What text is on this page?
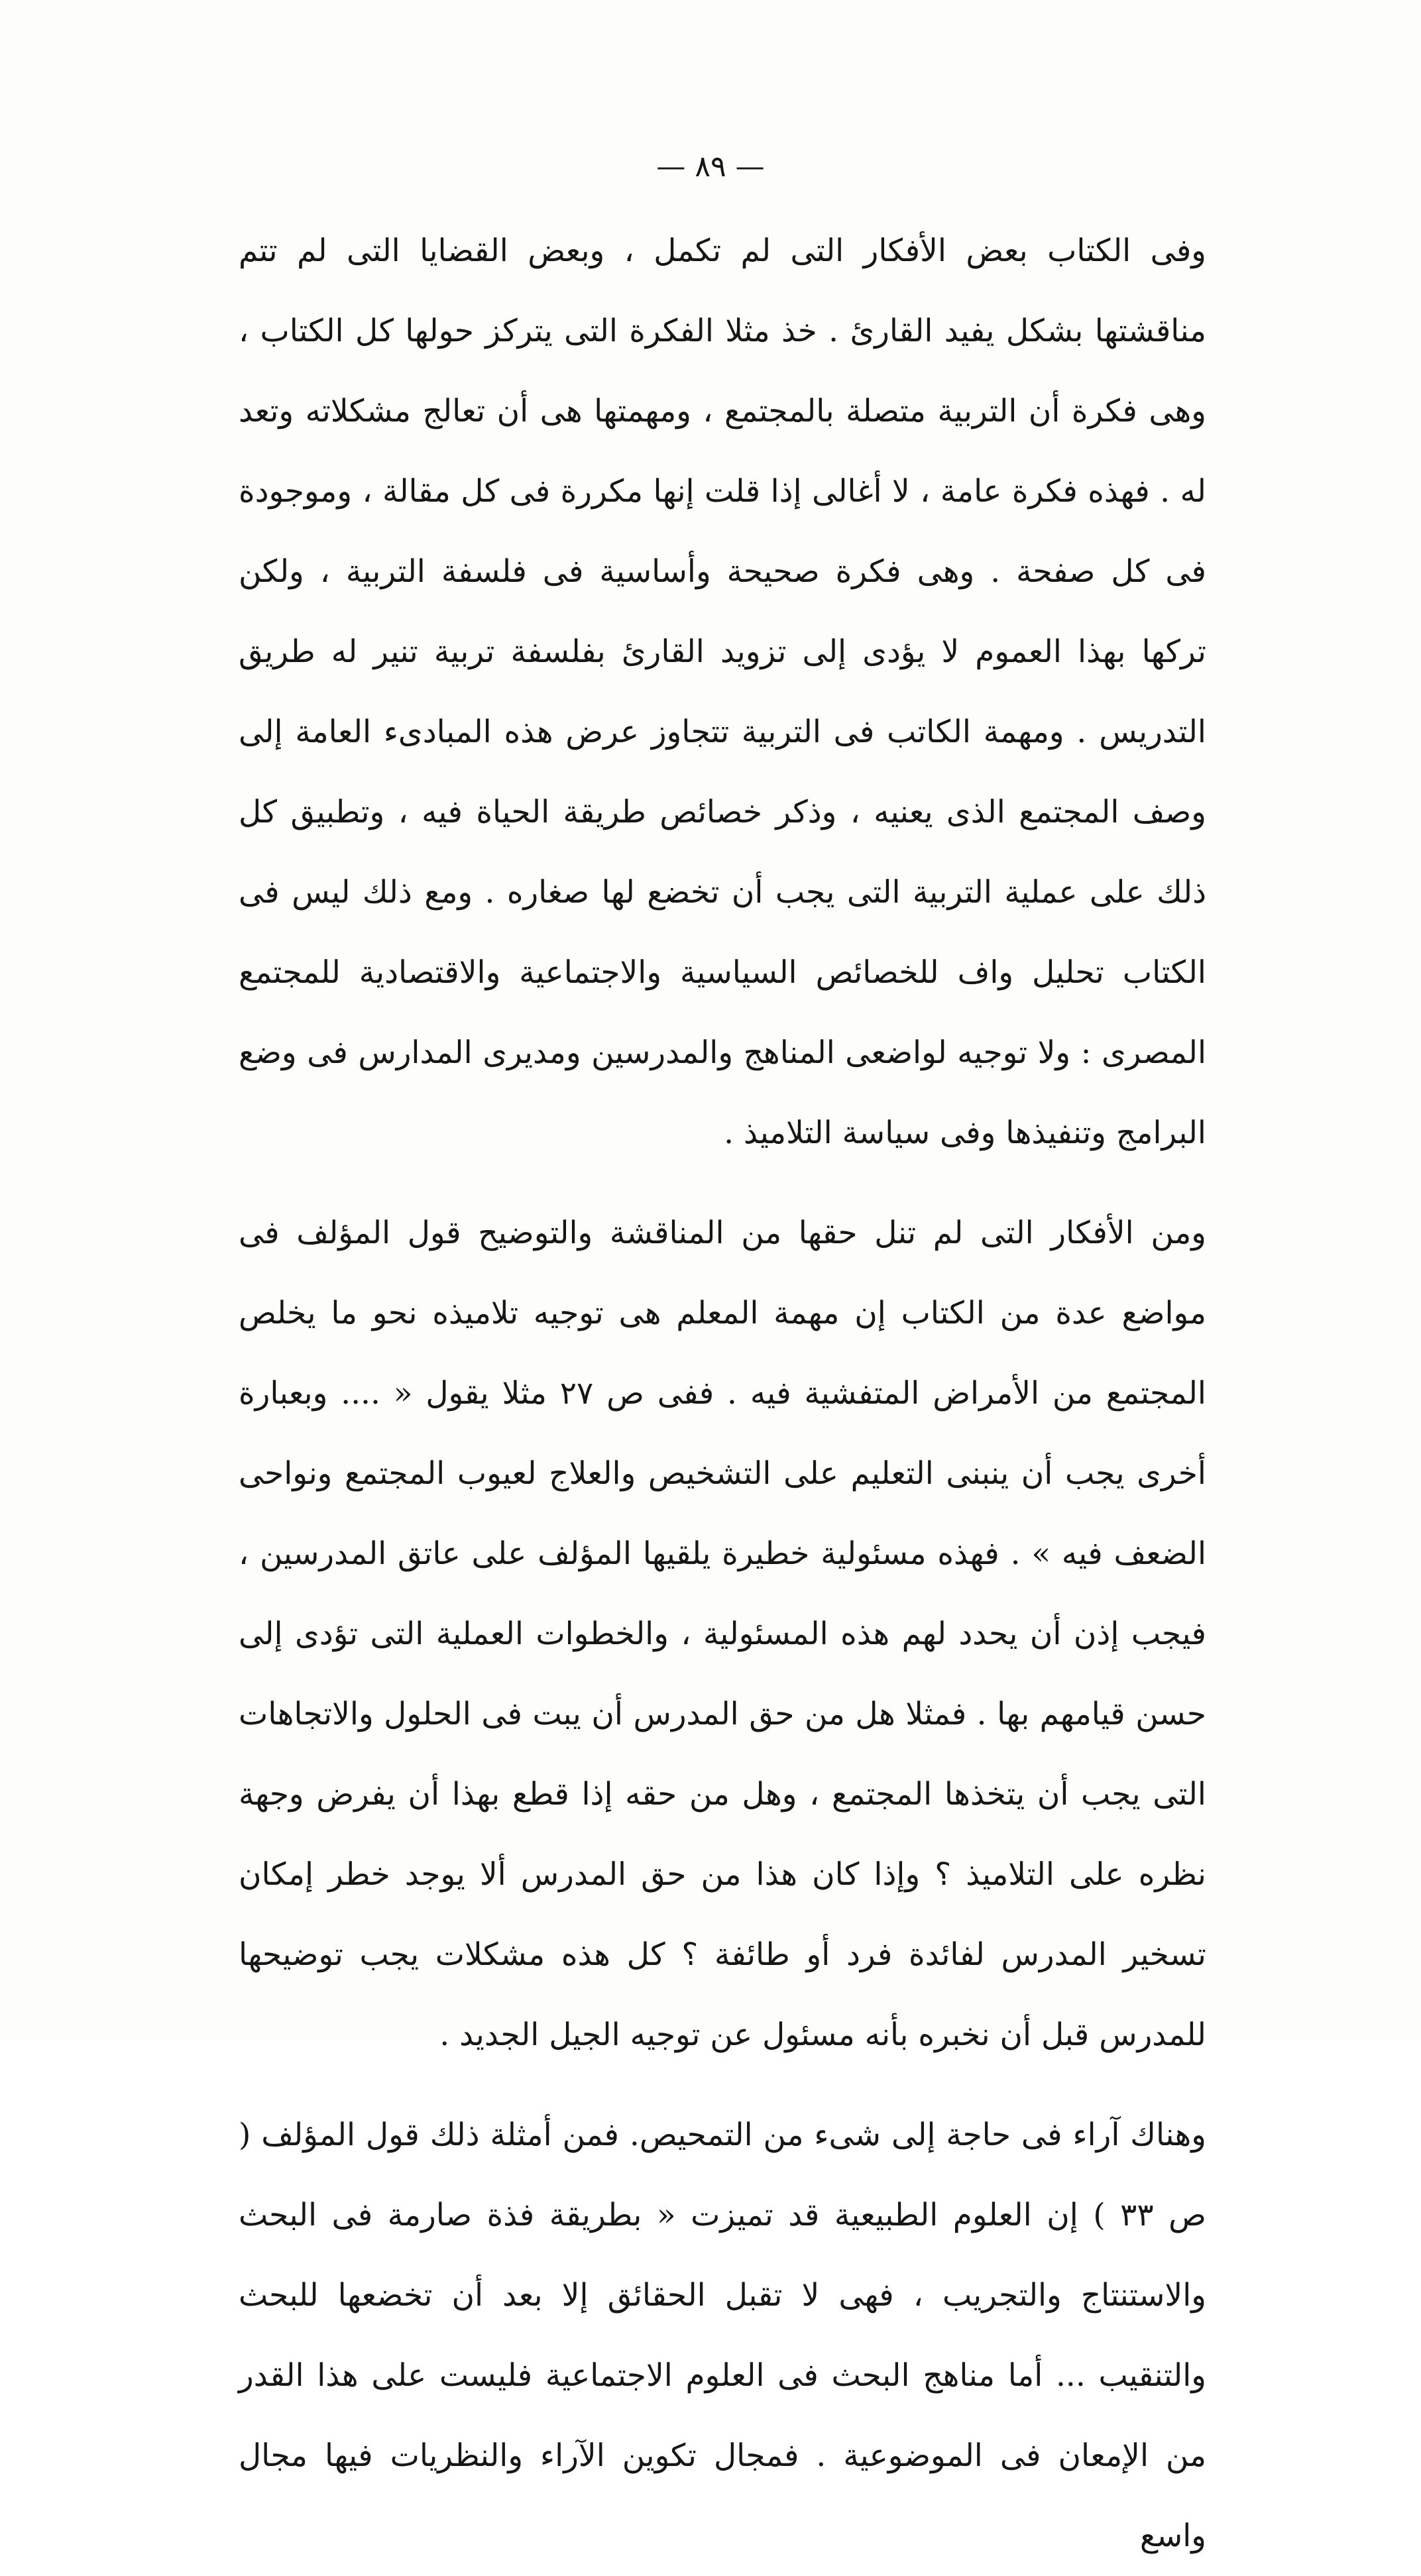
— ٨٩ —

وفى الكتاب بعض الأفكار التى لم تكمل ، وبعض القضايا التى لم تتم مناقشتها بشكل يفيد القارئ . خذ مثلا الفكرة التى يتركز حولها كل الكتاب ، وهى فكرة أن التربية متصلة بالمجتمع ، ومهمتها هى أن تعالج مشكلاته وتعد له . فهذه فكرة عامة ، لا أغالى إذا قلت إنها مكررة فى كل مقالة ، وموجودة فى كل صفحة . وهى فكرة صحيحة وأساسية فى فلسفة التربية ، ولكن تركها بهذا العموم لا يؤدى إلى تزويد القارئ بفلسفة تربية تنير له طريق التدريس . ومهمة الكاتب فى التربية تتجاوز عرض هذه المبادىء العامة إلى وصف المجتمع الذى يعنيه ، وذكر خصائص طريقة الحياة فيه ، وتطبيق كل ذلك على عملية التربية التى يجب أن تخضع لها صغاره . ومع ذلك ليس فى الكتاب تحليل واف للخصائص السياسية والاجتماعية والاقتصادية للمجتمع المصرى : ولا توجيه لواضعى المناهج والمدرسين ومديرى المدارس فى وضع البرامج وتنفيذها وفى سياسة التلاميذ .

ومن الأفكار التى لم تنل حقها من المناقشة والتوضيح قول المؤلف فى مواضع عدة من الكتاب إن مهمة المعلم هى توجيه تلاميذه نحو ما يخلص المجتمع من الأمراض المتفشية فيه . ففى ص ٢٧ مثلا يقول « .... وبعبارة أخرى يجب أن ينبنى التعليم على التشخيص والعلاج لعيوب المجتمع ونواحى الضعف فيه » . فهذه مسئولية خطيرة يلقيها المؤلف على عاتق المدرسين ، فيجب إذن أن يحدد لهم هذه المسئولية ، والخطوات العملية التى تؤدى إلى حسن قيامهم بها . فمثلا هل من حق المدرس أن يبت فى الحلول والاتجاهات التى يجب أن يتخذها المجتمع ، وهل من حقه إذا قطع بهذا أن يفرض وجهة نظره على التلاميذ ؟ وإذا كان هذا من حق المدرس ألا يوجد خطر إمكان تسخير المدرس لفائدة فرد أو طائفة ؟ كل هذه مشكلات يجب توضيحها للمدرس قبل أن نخبره بأنه مسئول عن توجيه الجيل الجديد .

وهناك آراء فى حاجة إلى شىء من التمحيص. فمن أمثلة ذلك قول المؤلف ( ص ٣٣ ) إن العلوم الطبيعية قد تميزت « بطريقة فذة صارمة فى البحث والاستنتاج والتجريب ، فهى لا تقبل الحقائق إلا بعد أن تخضعها للبحث والتنقيب ... أما مناهج البحث فى العلوم الاجتماعية فليست على هذا القدر من الإمعان فى الموضوعية . فمجال تكوين الآراء والنظريات فيها مجال واسع
